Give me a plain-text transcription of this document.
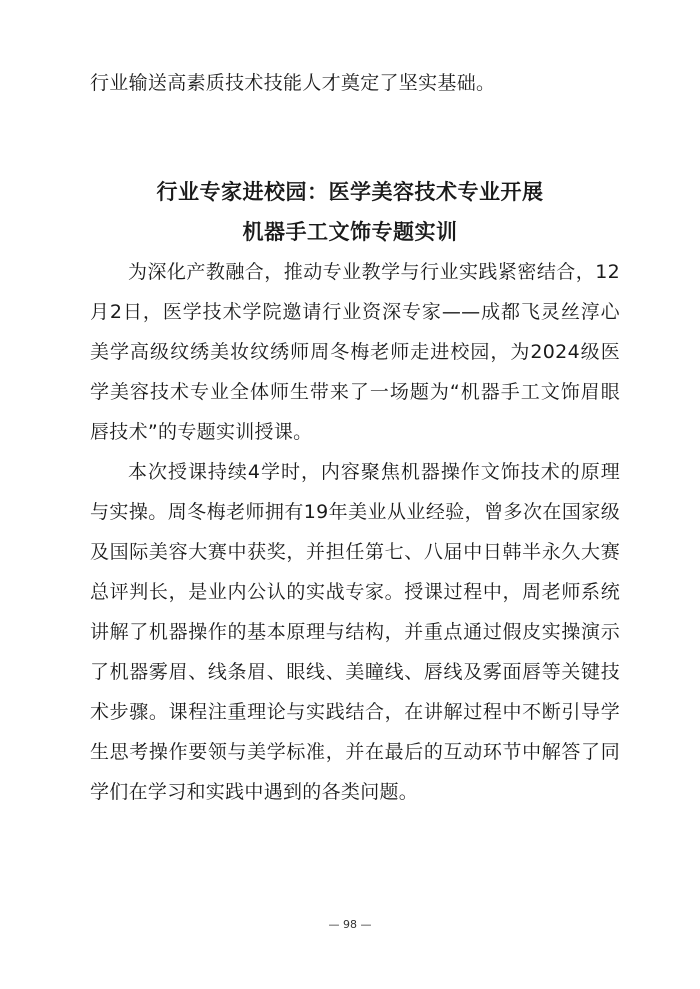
行业输送高素质技术技能人才奠定了坚实基础。
行业专家进校园：医学美容技术专业开展
机器手工文饰专题实训
为深化产教融合，推动专业教学与行业实践紧密结合，12月2日，医学技术学院邀请行业资深专家——成都飞灵丝淳心美学高级纹绣美妆纹绣师周冬梅老师走进校园，为2024级医学美容技术专业全体师生带来了一场题为“机器手工文饰眉眼唇技术”的专题实训授课。
本次授课持续4学时，内容聚焦机器操作文饰技术的原理与实操。周冬梅老师拥有19年美业从业经验，曾多次在国家级及国际美容大赛中获奖，并担任第七、八届中日韩半永久大赛总评判长，是业内公认的实战专家。授课过程中，周老师系统讲解了机器操作的基本原理与结构，并重点通过假皮实操演示了机器雾眉、线条眉、眼线、美瞳线、唇线及雾面唇等关键技术步骤。课程注重理论与实践结合，在讲解过程中不断引导学生思考操作要领与美学标准，并在最后的互动环节中解答了同学们在学习和实践中遇到的各类问题。
— 98 —
